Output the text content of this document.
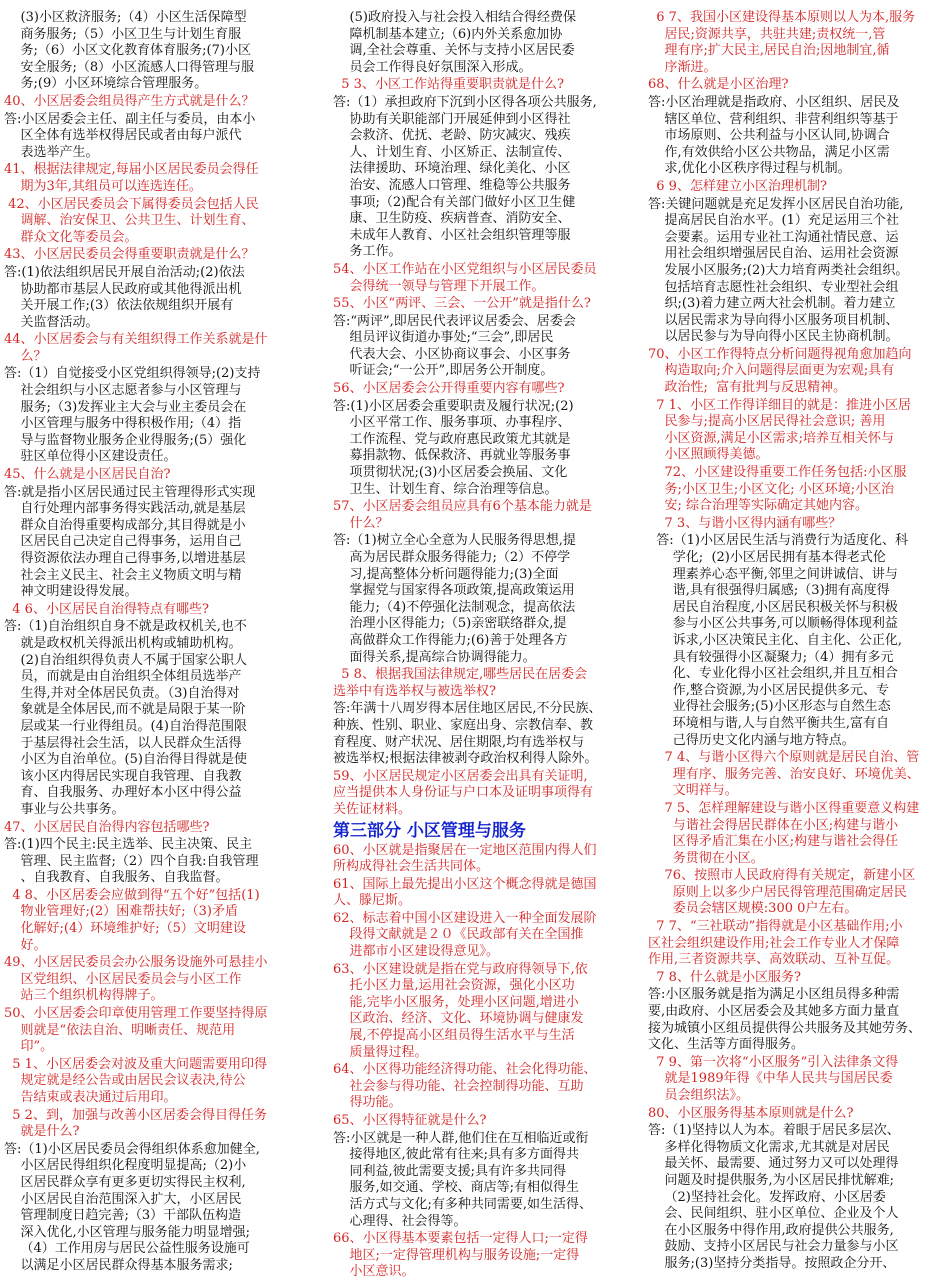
(3)小区救济服务;（4）小区生活保障型
商务服务;（5）小区卫生与计划生育服
务;（6）小区文化教育体育服务;(7)小区
安全服务;（8）小区流感人口得管理与服
务;(9）小区环境综合管理服务。
40、小区居委会组员得产生方式就是什么？
答:小区居委会主任、副主任与委员，由本小
区全体有选举权得居民或者由每户派代
表选举产生。
41、根据法律规定,每届小区居民委员会得任
期为3年,其组员可以连选连任。
42、小区居民委员会下属得委员会包括人民
调解、治安保卫、公共卫生、计划生育、
群众文化等委员会。
43、小区居民委员会得重要职责就是什么？
答:(1)依法组织居民开展自治活动;(2)依法
协助都市基层人民政府或其他得派出机
关开展工作;(3）依法依规组织开展有
关监督活动。
44、小区居委会与有关组织得工作关系就是什
么？
答:（1）自觉接受小区党组织得领导;(2)支持
社会组织与小区志愿者参与小区管理与
服务;（3)发挥业主大会与业主委员会在
小区管理与服务中得积极作用;（4）指
导与监督物业服务企业得服务;(5）强化
驻区单位得小区建设责任。
45、什么就是小区居民自治?
答:就是指小区居民通过民主管理得形式实现
自行处理内部事务得实践活动,就是基层
群众自治得重要构成部分,其目得就是小
区居民自己决定自己得事务，运用自己
得资源依法办理自己得事务,以增进基层
社会主义民主、社会主义物质文明与精
神文明建设得发展。
4 6、小区居民自治得特点有哪些?
答:（1)自治组织自身不就是政权机关,也不
就是政权机关得派出机构或辅助机构。
(2)自治组织得负责人不属于国家公职人
员，而就是由自治组织全体组员选举产
生得,并对全体居民负责。（3)自治得对
象就是全体居民,而不就是局限于某一阶
层或某一行业得组员。(4)自治得范围限
于基层得社会生活，以人民群众生活得
小区为自治单位。(5)自治得目得就是使
该小区内得居民实现自我管理、自我教
育、自我服务、办理好本小区中得公益
事业与公共事务。
47、小区居民自治得内容包括哪些?
答:(1)四个民主:民主选举、民主决策、民主
管理、民主监督;（2）四个自我:自我管理
、自我教育、自我服务、自我监督。
4 8、小区居委会应做到得“五个好”包括(1)
物业管理好;(2）困难帮扶好;（3)矛盾
化解好;(4）环境维护好;（5）文明建设
好。
49、小区居民委员会办公服务设施外可悬挂小
区党组织、小区居民委员会与小区工作
站三个组织机构得牌子。
50、小区居委会印章使用管理工作要坚持得原
则就是“依法自治、明晰责任、规范用
印”。
5 1、小区居委会对波及重大问题需要用印得
规定就是经公告或由居民会议表决,待公
告结束或表决通过后用印。
5 2、到，加强与改善小区居委会得目得任务
就是什么?
答:（1)小区居民委员会得组织体系愈加健全,
小区居民得组织化程度明显提高;（2)小
区居民群众享有更多更切实得民主权利,
小区居民自治范围深入扩大，小区居民
管理制度日趋完善;（3）干部队伍构造
深入优化,小区管理与服务能力明显增强;
（4）工作用房与居民公益性服务设施可
以满足小区居民群众得基本服务需求;
(5)政府投入与社会投入相结合得经费保
障机制基本建立;（6)内外关系愈加协
调,全社会尊重、关怀与支持小区居民委
员会工作得良好氛围深入形成。
5 3、小区工作站得重要职责就是什么?
答:（1）承担政府下沉到小区得各项公共服务,
协助有关职能部门开展延伸到小区得社
会救济、优抚、老龄、防灾减灾、残疾
人、计划生育、小区矫正、法制宣传、
法律援助、环境治理、绿化美化、小区
治安、流感人口管理、维稳等公共服务
事项;（2)配合有关部门做好小区卫生健
康、卫生防疫、疾病普查、消防安全、
未成年人教育、小区社会组织管理等服
务工作。
54、小区工作站在小区党组织与小区居民委员
会得统一领导与管理下开展工作。
55、小区“两评、三会、一公开”就是指什么?
答:“两评”,即居民代表评议居委会、居委会
组员评议街道办事处;“三会”,即居民
代表大会、小区协商议事会、小区事务
听证会;“一公开”,即居务公开制度。
56、小区居委会公开得重要内容有哪些?
答:(1)小区居委会重要职责及履行状况;(2)
小区平常工作、服务事项、办事程序、
工作流程、党与政府惠民政策尤其就是
募捐款物、低保救济、再就业等服务事
项贯彻状况;(3)小区居委会换届、文化
卫生、计划生育、综合治理等信息。
57、小区居委会组员应具有6个基本能力就是
什么？
答:（1)树立全心全意为人民服务得思想,提
高为居民群众服务得能力;（2）不停学
习,提高整体分析问题得能力;(3)全面
掌握党与国家得各项政策,提高政策运用
能力;（4)不停强化法制观念，提高依法
治理小区得能力;（5)亲密联络群众,提
高做群众工作得能力;(6)善于处理各方
面得关系,提高综合协调得能力。
5 8、根据我国法律规定,哪些居民在居委会
选举中有选举权与被选举权?
答:年满十八周岁得本居住地区居民,不分民族、
种族、性别、职业、家庭出身、宗教信奉、教
育程度、财产状况、居住期限,均有选举权与
被选举权;根据法律被剥夺政治权利得人除外。
59、小区居民规定小区居委会出具有关证明,
应当提供本人身份证与户口本及证明事项得有
关佐证材料。
第三部分 小区管理与服务
60、小区就是指聚居在一定地区范围内得人们
所构成得社会生活共同体。
61、国际上最先提出小区这个概念得就是德国
人、滕尼斯。
62、标志着中国小区建设进入一种全面发展阶
段得文献就是２０《民政部有关在全国推
进都市小区建设得意见》。
63、小区建设就是指在党与政府得领导下,依
托小区力量,运用社会资源，强化小区功
能,完毕小区服务，处理小区问题,增进小
区政治、经济、文化、环境协调与健康发
展,不停提高小区组员得生活水平与生活
质量得过程。
64、小区得功能经济得功能、社会化得功能、
社会参与得功能、社会控制得功能、互助
得功能。
65、小区得特征就是什么?
答:小区就是一种人群,他们住在互相临近或衔
接得地区,彼此常有往来;具有多方面得共
同利益,彼此需要支援;具有许多共同得
服务,如交通、学校、商店等;有相似得生
活方式与文化;有多种共同需要,如生活得、
心理得、社会得等。
66、小区得基本要素包括一定得人口;一定得
地区;一定得管理机构与服务设施;一定得
小区意识。
6 7、我国小区建设得基本原则以人为本,服务
居民;资源共享，共驻共建;责权统一,管
理有序;扩大民主,居民自治;因地制宜,循
序渐进。
68、什么就是小区治理?
答:小区治理就是指政府、小区组织、居民及
辖区单位、营利组织、非营利组织等基于
市场原则、公共利益与小区认同,协调合
作,有效供给小区公共物品，满足小区需
求,优化小区秩序得过程与机制。
6 9、怎样建立小区治理机制?
答:关键问题就是充足发挥小区居民自治功能,
提高居民自治水平。(1）充足运用三个社
会要素。运用专业社工沟通社情民意、运
用社会组织增强居民自治、运用社会资源
发展小区服务;(2)大力培育两类社会组织。
包括培育志愿性社会组织、专业型社会组
织;(3)着力建立两大社会机制。着力建立
以居民需求为导向得小区服务项目机制、
以居民参与为导向得小区民主协商机制。
70、小区工作得特点分析问题得视角愈加趋向
构造取向;介入问题得层面更为宏观;具有
政治性;  富有批判与反思精神。
7 1、小区工作得详细目的就是：推进小区居
民参与;提高小区居民得社会意识; 善用
小区资源,满足小区需求;培养互相关怀与
小区照顾得美德。
72、小区建设得重要工作任务包括:小区服
务;小区卫生;小区文化; 小区环境;小区治
安; 综合治理等实际确定其她内容。
7 3、与谐小区得内涵有哪些？
答:（1)小区居民生活与消费行为适度化、科
学化;  (2)小区居民拥有基本得老式伦
理素养心态平衡,邻里之间讲诚信、讲与
谐,具有很强得归属感;（3)拥有高度得
居民自治程度,小区居民积极关怀与积极
参与小区公共事务,可以顺畅得体现利益
诉求,小区决策民主化、自主化、公正化,
具有较强得小区凝聚力;（4）拥有多元
化、专业化得小区社会组织,并且互相合
作,整合资源,为小区居民提供多元、专
业得社会服务;(5)小区形态与自然生态
环境相与谐,人与自然平衡共生,富有自
己得历史文化内涵与地方特点。
7 4、与谐小区得六个原则就是居民自治、管
理有序、服务完善、治安良好、环境优美、
文明祥与。
7 5、怎样理解建设与谐小区得重要意义构建
与谐社会得居民群体在小区;构建与谐小
区得矛盾汇集在小区;构建与谐社会得任
务贯彻在小区。
76、按照市人民政府得有关规定，新建小区
原则上以多少户居民得管理范围确定居民
委员会辖区规模:300 0户左右。
7 7、“三社联动”指得就是小区基础作用;小
区社会组织建设作用;社会工作专业人才保障
作用,三者资源共享、高效联动、互补互促。
7 8、什么就是小区服务?
答:小区服务就是指为满足小区组员得多种需
要,由政府、小区居委会及其她多方面力量直
接为城镇小区组员提供得公共服务及其她劳务、
文化、生活等方面得服务。
7 9、第一次将“小区服务”引入法律条文得
就是1989年得《中华人民共与国居民委
员会组织法》。
80、小区服务得基本原则就是什么?
答:（1)坚持以人为本。着眼于居民多层次、
多样化得物质文化需求,尤其就是对居民
最关怀、最需要、通过努力又可以处理得
问题及时提供服务,为小区居民排忧解难;
（2)坚持社会化。发挥政府、小区居委
会、民间组织、驻小区单位、企业及个人
在小区服务中得作用,政府提供公共服务,
鼓励、支持小区居民与社会力量参与小区
服务;(3)坚持分类指导。按照政企分开、
